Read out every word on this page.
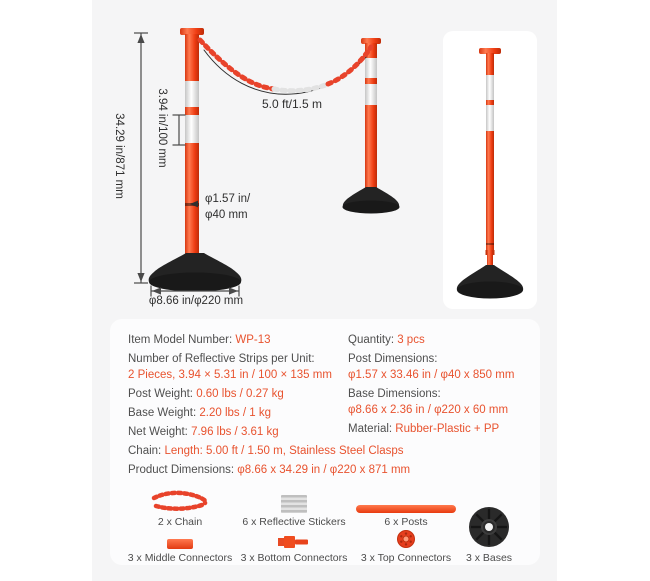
34.29 in/871 mm	3.94 in/100 mm
φ1.57 in/
φ40 mm
φ8.66 in/φ220 mm
5.0 ft/1.5 m
Item Model Number: WP-13
Number of Reflective Strips per Unit:
2 Pieces, 3.94 × 5.31 in / 100 × 135 mm
Post Weight: 0.60 lbs / 0.27 kg
Base Weight: 2.20 lbs / 1 kg
Net Weight: 7.96 lbs / 3.61 kg
Quantity: 3 pcs
Post Dimensions:
φ1.57 x 33.46 in / φ40 x 850 mm
Base Dimensions:
φ8.66 x 2.36 in / φ220 x 60 mm
Material: Rubber-Plastic + PP
Chain: Length: 5.00 ft / 1.50 m, Stainless Steel Clasps
Product Dimensions: φ8.66 x 34.29 in / φ220 x 871 mm
2 x Chain
3 x Middle Connectors
6 x Reflective Stickers
3 x Bottom Connectors
6 x Posts
3 x Top Connectors 3 x Bases
